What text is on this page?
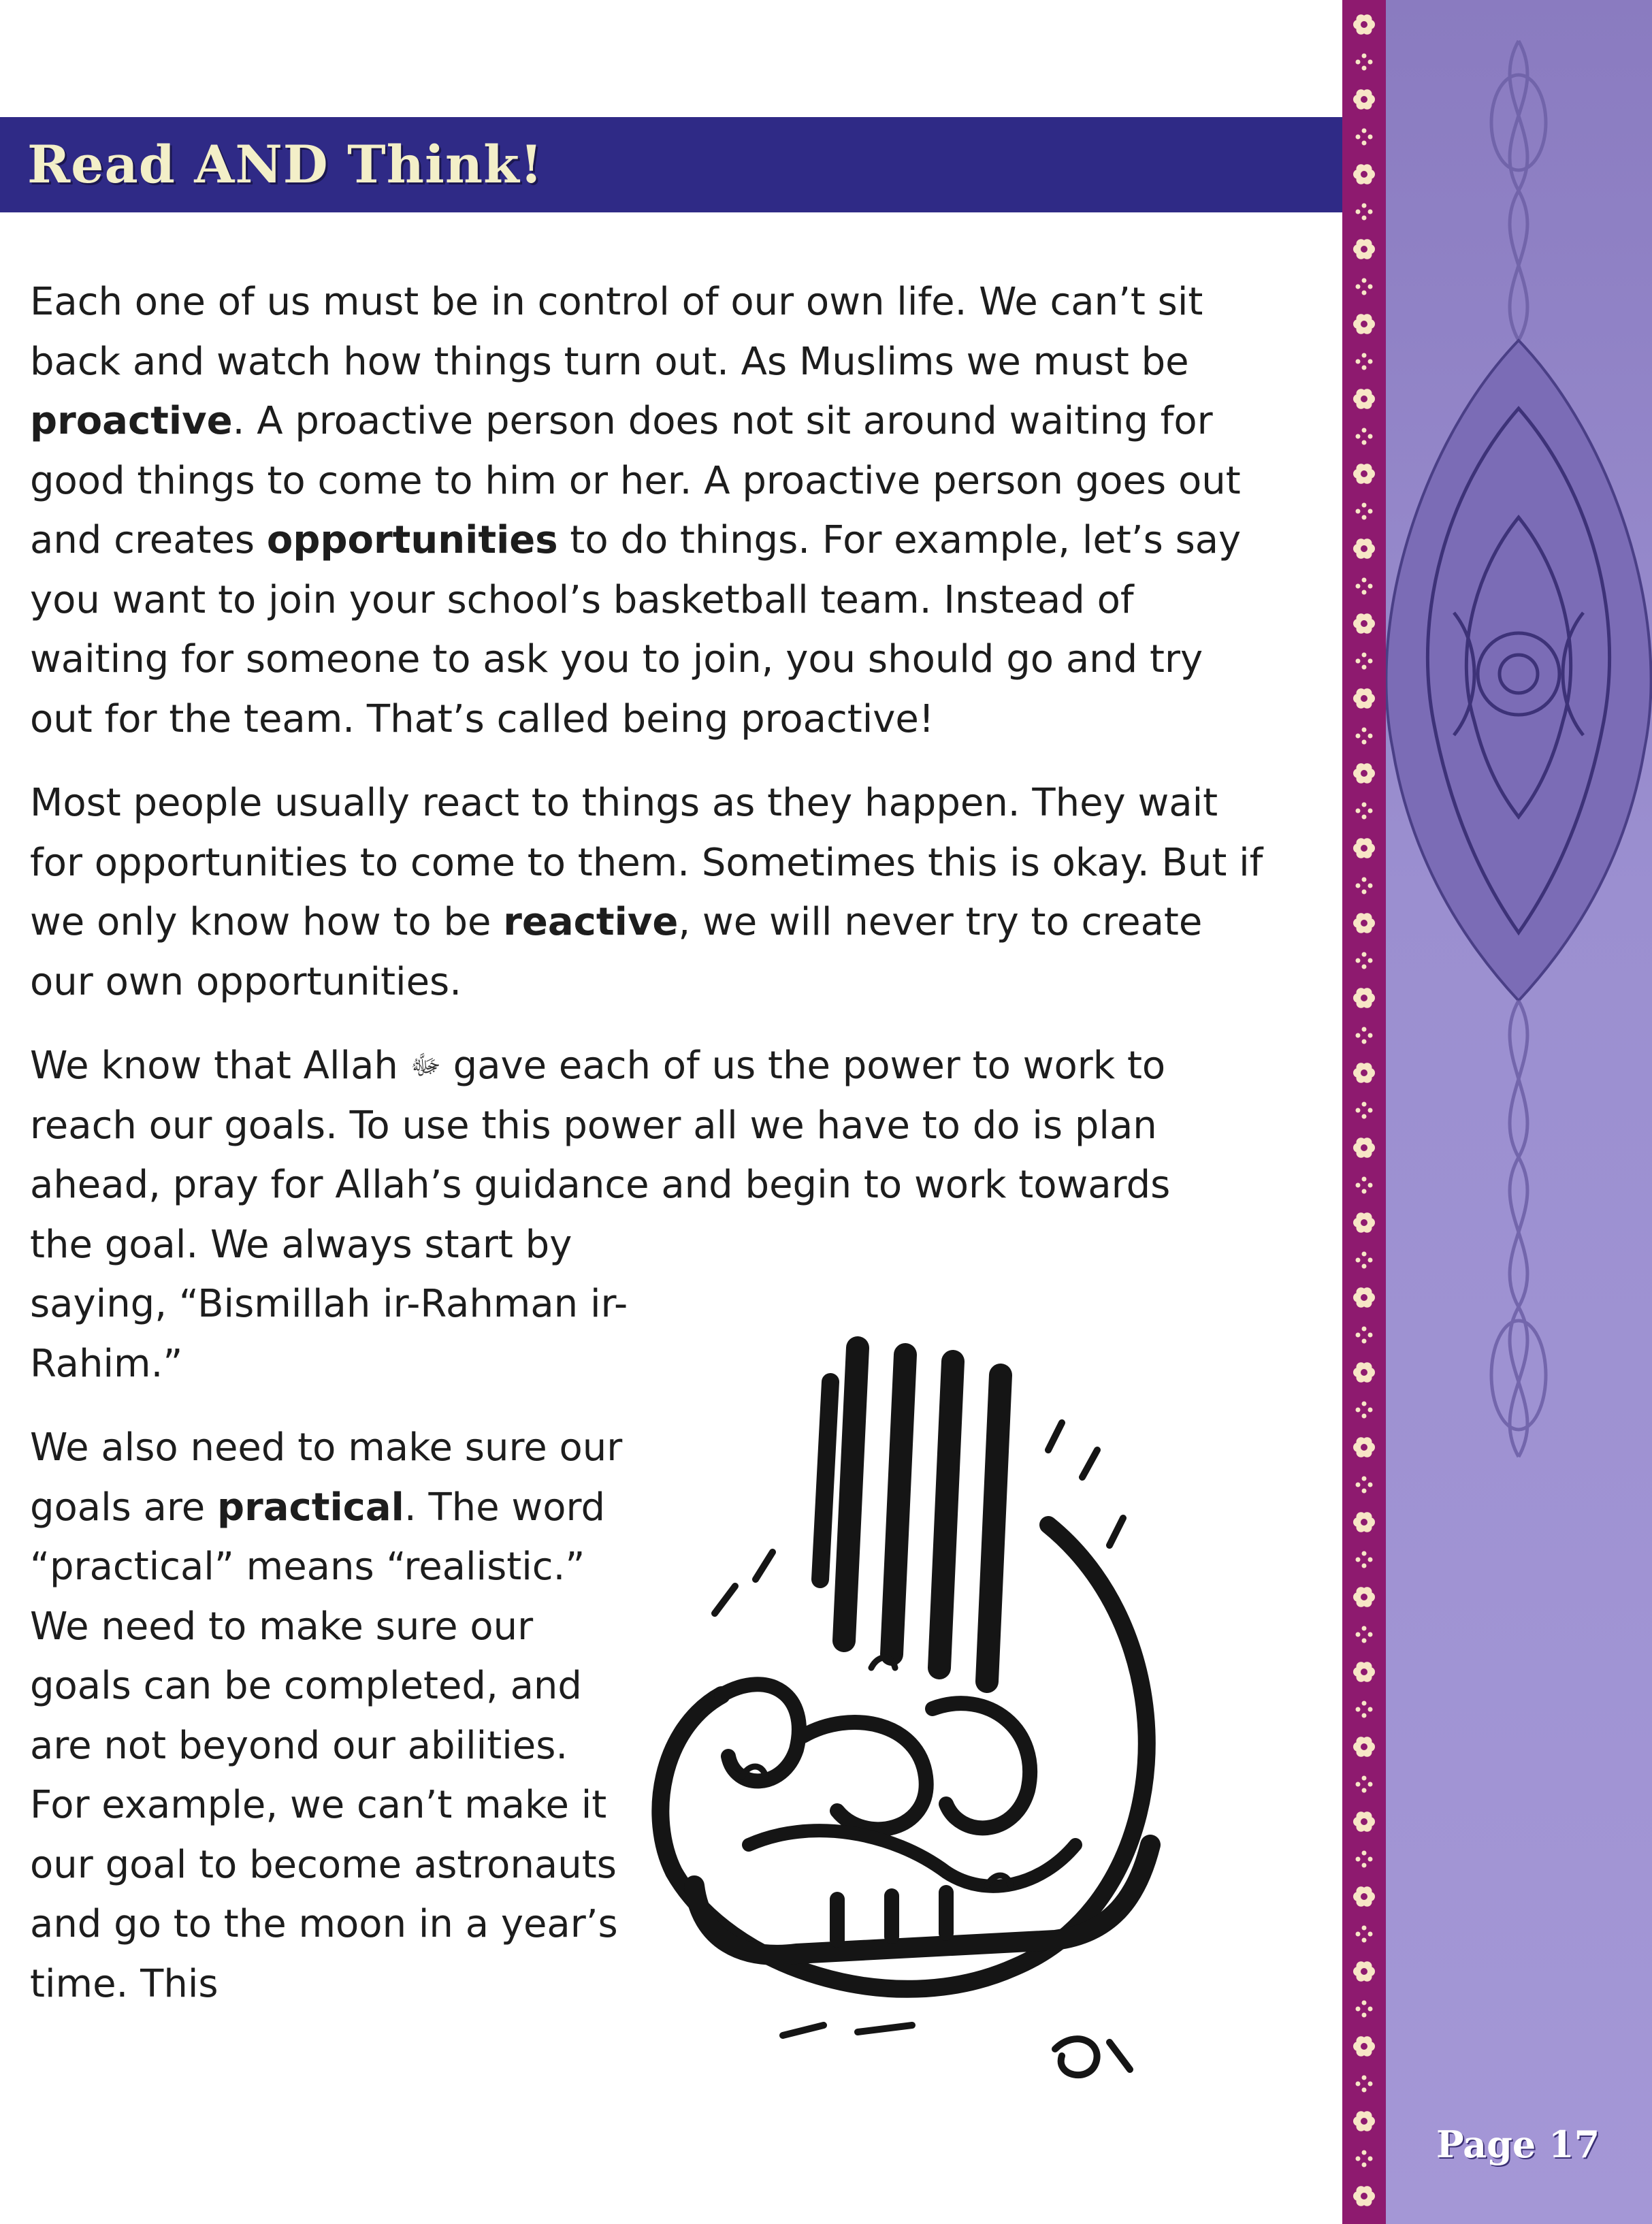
Read AND Think!

Each one of us must be in control of our own life. We can’t sit back and watch how things turn out. As Muslims we must be proactive. A proactive person does not sit around waiting for good things to come to him or her. A proactive person goes out and creates opportunities to do things. For example, let’s say you want to join your school’s basketball team. Instead of waiting for someone to ask you to join, you should go and try out for the team. That’s called being proactive!

Most people usually react to things as they happen. They wait for opportunities to come to them. Sometimes this is okay. But if we only know how to be reactive, we will never try to create our own opportunities.

We know that Allah ﷻ gave each of us the power to work to reach our goals. To use this power all we have to do is plan ahead, pray for Allah’s guidance and begin to work towards
the goal. We always start by saying, “Bismillah ir-Rahman ir-Rahim.”

We also need to make sure our goals are practical. The word “practical” means “realistic.” We need to make sure our goals can be completed, and are not beyond our abilities. For example, we can’t make it our goal to become astronauts and go to the moon in a year’s time. This

Page 17
